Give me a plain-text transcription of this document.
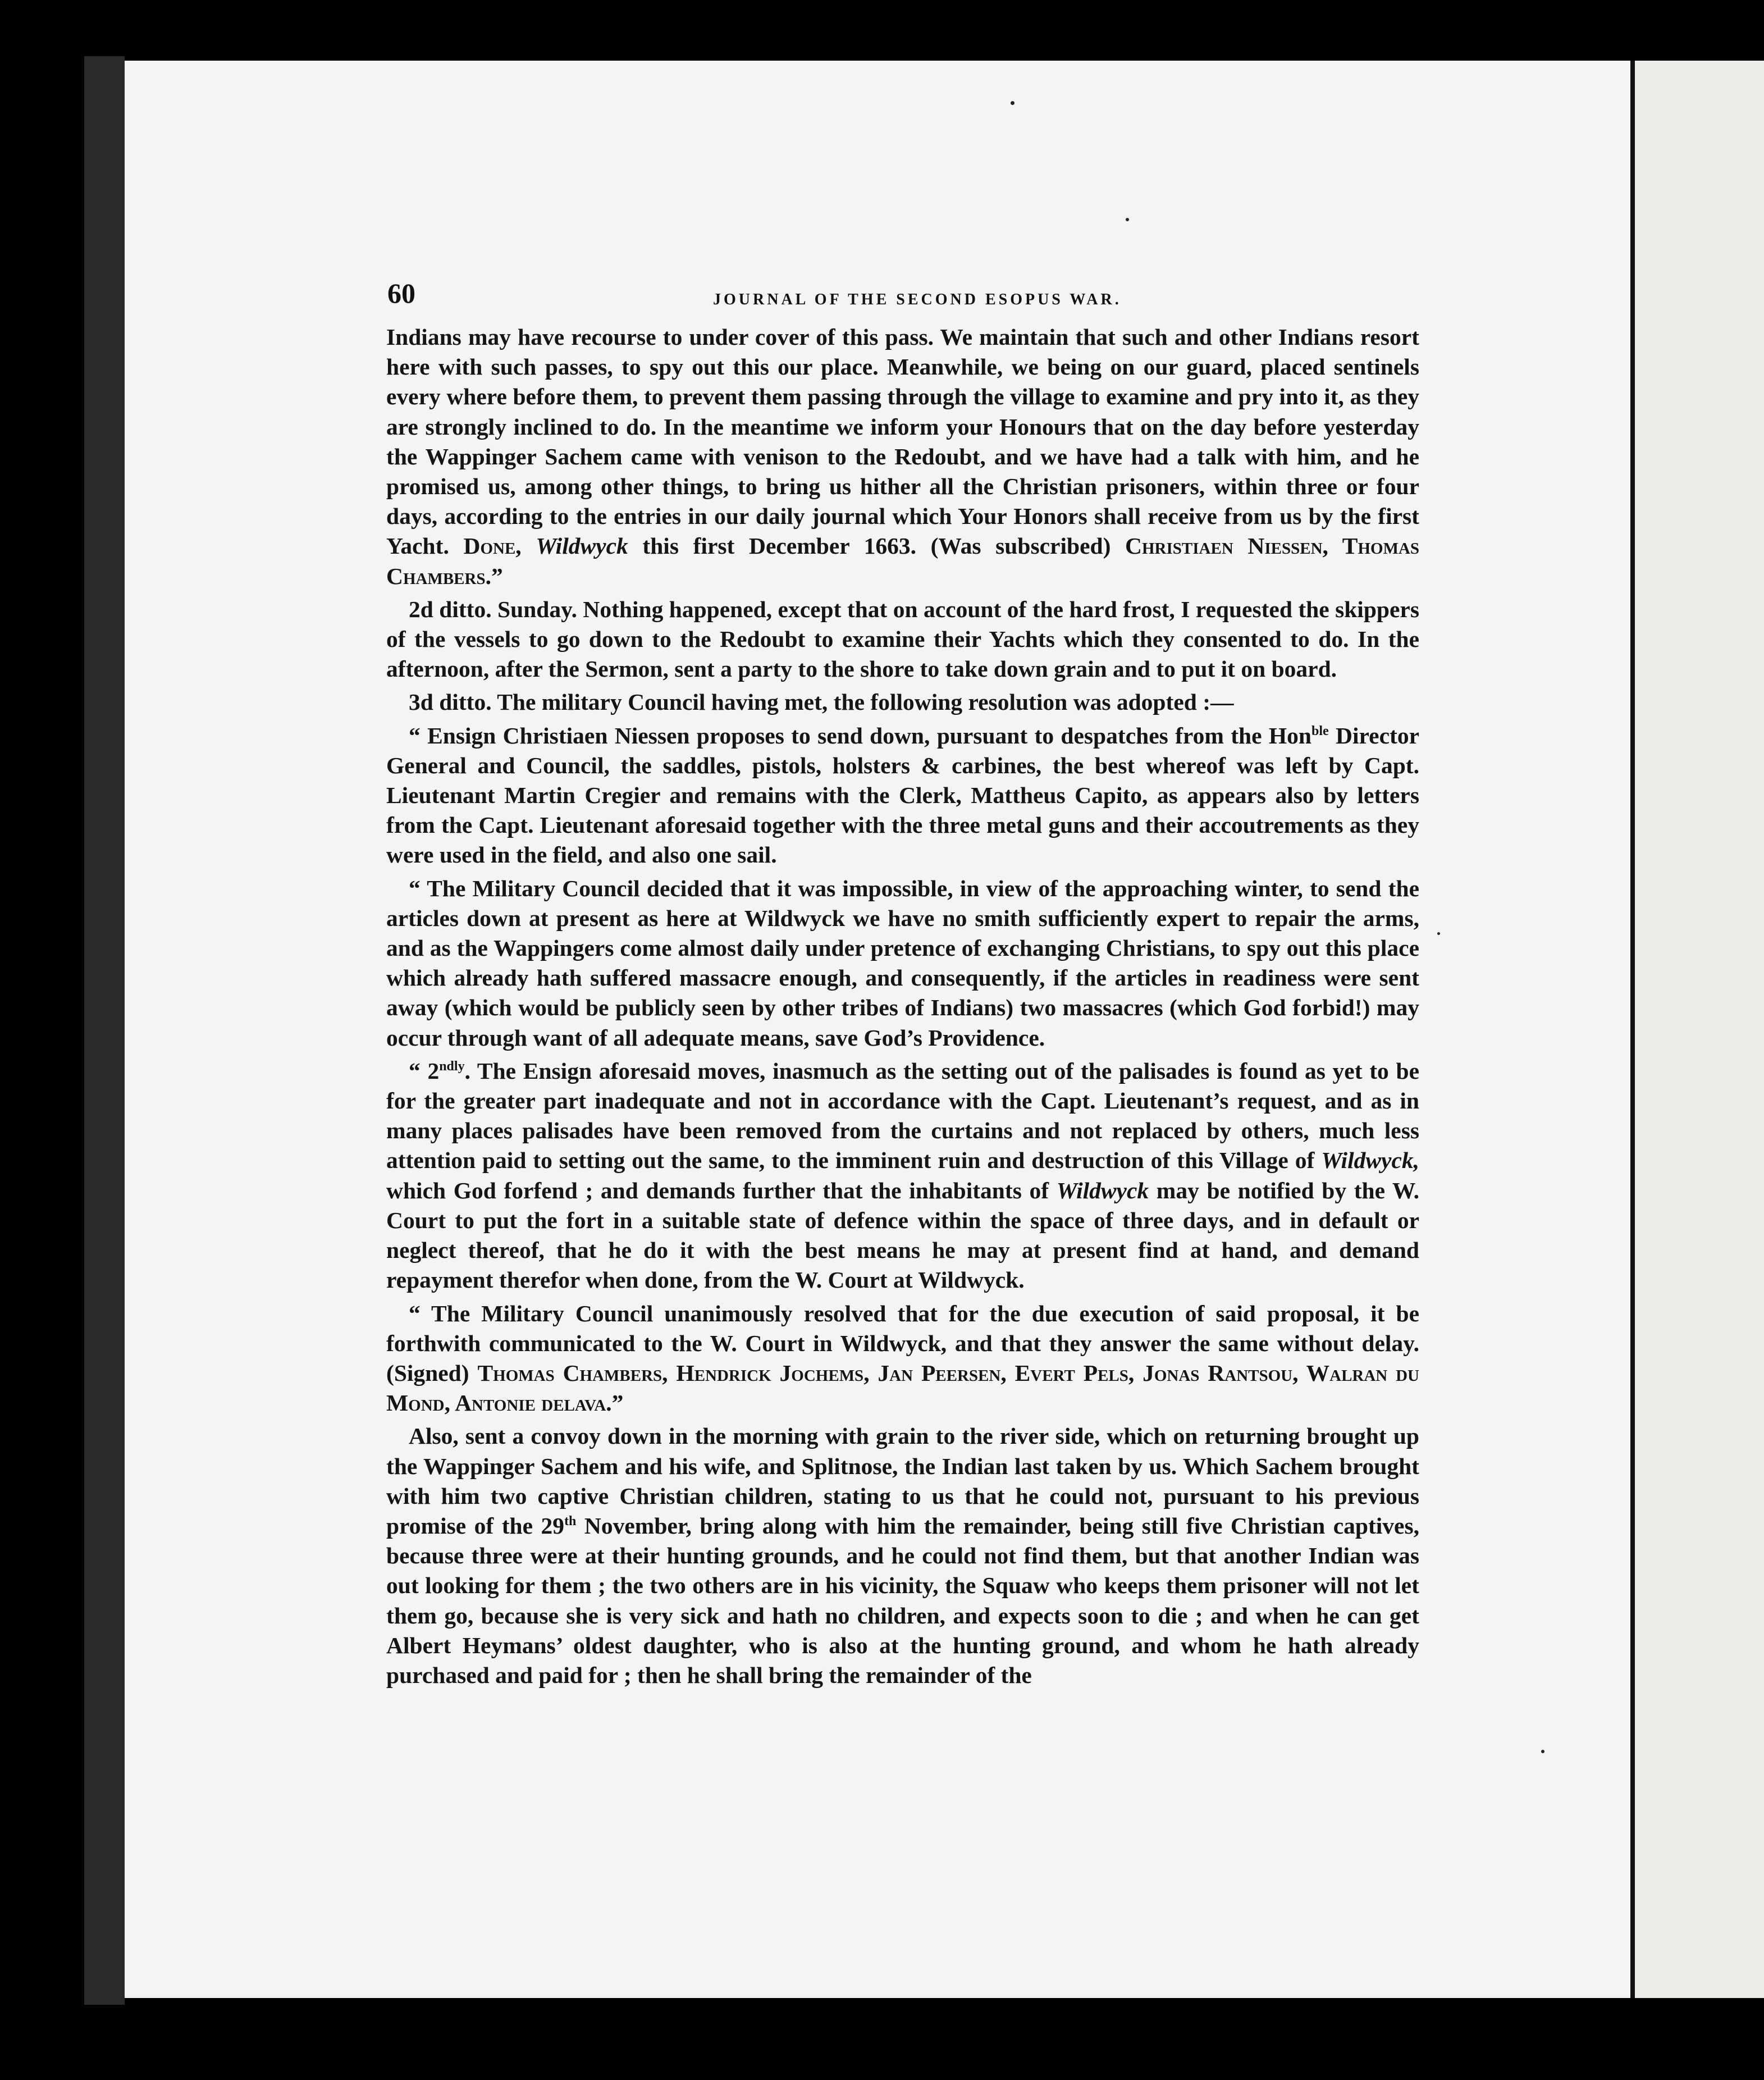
60	JOURNAL OF THE SECOND ESOPUS WAR.

Indians may have recourse to under cover of this pass. We maintain that such and other Indians resort here with such passes, to spy out this our place. Meanwhile, we being on our guard, placed sentinels every where before them, to prevent them passing through the village to examine and pry into it, as they are strongly inclined to do. In the meantime we inform your Honours that on the day before yesterday the Wappinger Sachem came with venison to the Redoubt, and we have had a talk with him, and he promised us, among other things, to bring us hither all the Christian prisoners, within three or four days, according to the entries in our daily journal which Your Honors shall receive from us by the first Yacht. Done, Wildwyck this first December 1663. (Was subscribed) Christiaen Niessen, Thomas Chambers.”

2d ditto. Sunday. Nothing happened, except that on account of the hard frost, I requested the skippers of the vessels to go down to the Redoubt to examine their Yachts which they consented to do. In the afternoon, after the Sermon, sent a party to the shore to take down grain and to put it on board.

3d ditto. The military Council having met, the following resolution was adopted :—

“ Ensign Christiaen Niessen proposes to send down, pursuant to despatches from the Hon$^{ble}$ Director General and Council, the saddles, pistols, holsters & carbines, the best whereof was left by Capt. Lieutenant Martin Cregier and remains with the Clerk, Mattheus Capito, as appears also by letters from the Capt. Lieutenant aforesaid together with the three metal guns and their accoutrements as they were used in the field, and also one sail.

“ The Military Council decided that it was impossible, in view of the approaching winter, to send the articles down at present as here at Wildwyck we have no smith sufficiently expert to repair the arms, and as the Wappingers come almost daily under pretence of exchanging Christians, to spy out this place which already hath suffered massacre enough, and consequently, if the articles in readiness were sent away (which would be publicly seen by other tribes of Indians) two massacres (which God forbid!) may occur through want of all adequate means, save God’s Providence.

“ $2^{ndly}$. The Ensign aforesaid moves, inasmuch as the setting out of the palisades is found as yet to be for the greater part inadequate and not in accordance with the Capt. Lieutenant’s request, and as in many places palisades have been removed from the curtains and not replaced by others, much less attention paid to setting out the same, to the imminent ruin and destruction of this Village of Wildwyck, which God forfend ; and demands further that the inhabitants of Wildwyck may be notified by the W. Court to put the fort in a suitable state of defence within the space of three days, and in default or neglect thereof, that he do it with the best means he may at present find at hand, and demand repayment therefor when done, from the W. Court at Wildwyck.

“ The Military Council unanimously resolved that for the due execution of said proposal, it be forthwith communicated to the W. Court in Wildwyck, and that they answer the same without delay. (Signed) Thomas Chambers, Hendrick Jochems, Jan Peersen, Evert Pels, Jonas Rantsou, Walran du Mond, Antonie delava.”

Also, sent a convoy down in the morning with grain to the river side, which on returning brought up the Wappinger Sachem and his wife, and Splitnose, the Indian last taken by us. Which Sachem brought with him two captive Christian children, stating to us that he could not, pursuant to his previous promise of the 29th November, bring along with him the remainder, being still five Christian captives, because three were at their hunting grounds, and he could not find them, but that another Indian was out looking for them ; the two others are in his vicinity, the Squaw who keeps them prisoner will not let them go, because she is very sick and hath no children, and expects soon to die ; and when he can get Albert Heymans’ oldest daughter, who is also at the hunting ground, and whom he hath already purchased and paid for ; then he shall bring the remainder of the
